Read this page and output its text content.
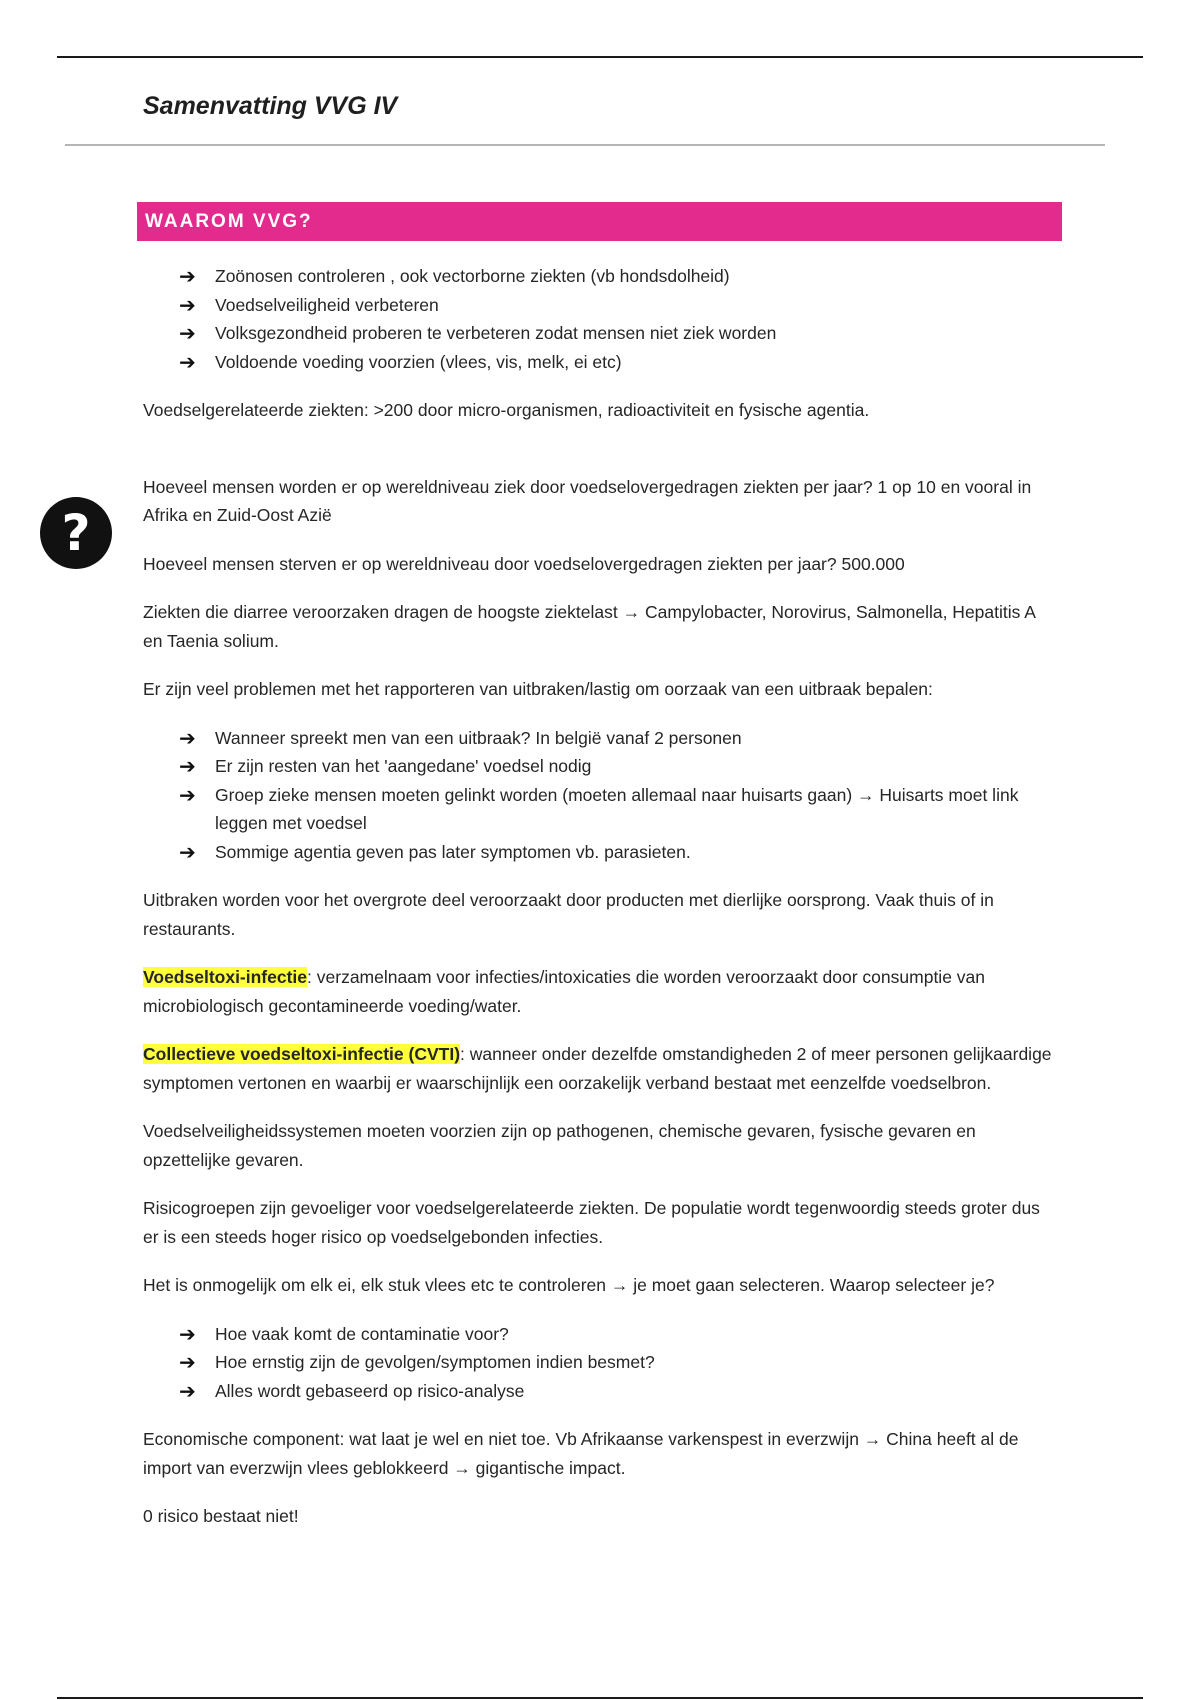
Samenvatting VVG IV
WAAROM VVG?
?
➔ Zoönosen controleren , ook vectorborne ziekten (vb hondsdolheid)
➔ Voedselveiligheid verbeteren
➔ Volksgezondheid proberen te verbeteren zodat mensen niet ziek worden
➔ Voldoende voeding voorzien (vlees, vis, melk, ei etc)

Voedselgerelateerde ziekten: >200 door micro-organismen, radioactiviteit en fysische agentia.

Hoeveel mensen worden er op wereldniveau ziek door voedselovergedragen ziekten per jaar? 1 op 10 en vooral in Afrika en Zuid-Oost Azië

Hoeveel mensen sterven er op wereldniveau door voedselovergedragen ziekten per jaar? 500.000

Ziekten die diarree veroorzaken dragen de hoogste ziektelast → Campylobacter, Norovirus, Salmonella, Hepatitis A en Taenia solium.

Er zijn veel problemen met het rapporteren van uitbraken/lastig om oorzaak van een uitbraak bepalen:

➔ Wanneer spreekt men van een uitbraak? In belgië vanaf 2 personen
➔ Er zijn resten van het 'aangedane' voedsel nodig
➔ Groep zieke mensen moeten gelinkt worden (moeten allemaal naar huisarts gaan) → Huisarts moet link leggen met voedsel
➔ Sommige agentia geven pas later symptomen vb. parasieten.

Uitbraken worden voor het overgrote deel veroorzaakt door producten met dierlijke oorsprong. Vaak thuis of in restaurants.

Voedseltoxi-infectie: verzamelnaam voor infecties/intoxicaties die worden veroorzaakt door consumptie van microbiologisch gecontamineerde voeding/water.

Collectieve voedseltoxi-infectie (CVTI): wanneer onder dezelfde omstandigheden 2 of meer personen gelijkaardige symptomen vertonen en waarbij er waarschijnlijk een oorzakelijk verband bestaat met eenzelfde voedselbron.

Voedselveiligheidssystemen moeten voorzien zijn op pathogenen, chemische gevaren, fysische gevaren en opzettelijke gevaren.

Risicogroepen zijn gevoeliger voor voedselgerelateerde ziekten. De populatie wordt tegenwoordig steeds groter dus er is een steeds hoger risico op voedselgebonden infecties.

Het is onmogelijk om elk ei, elk stuk vlees etc te controleren → je moet gaan selecteren. Waarop selecteer je?

➔ Hoe vaak komt de contaminatie voor?
➔ Hoe ernstig zijn de gevolgen/symptomen indien besmet?
➔ Alles wordt gebaseerd op risico-analyse

Economische component: wat laat je wel en niet toe. Vb Afrikaanse varkenspest in everzwijn → China heeft al de import van everzwijn vlees geblokkeerd → gigantische impact.

0 risico bestaat niet!
